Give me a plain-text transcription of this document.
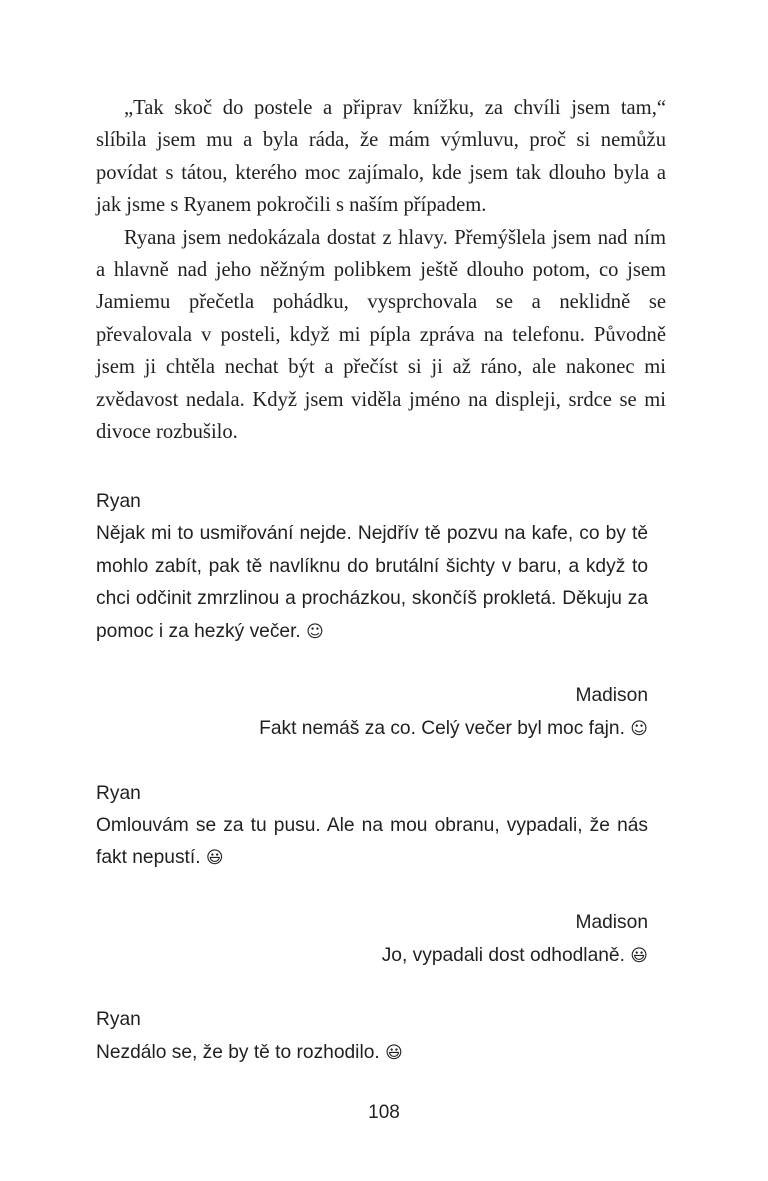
„Tak skoč do postele a připrav knížku, za chvíli jsem tam,“ slíbila jsem mu a byla ráda, že mám výmluvu, proč si nemůžu povídat s tátou, kterého moc zajímalo, kde jsem tak dlouho byla a jak jsme s Ryanem pokročili s naším případem.

Ryana jsem nedokázala dostat z hlavy. Přemýšlela jsem nad ním a hlavně nad jeho něžným polibkem ještě dlouho potom, co jsem Jamiemu přečetla pohádku, vysprchovala se a neklidně se převalovala v posteli, když mi pípla zpráva na telefonu. Původně jsem ji chtěla nechat být a přečíst si ji až ráno, ale nakonec mi zvědavost nedala. Když jsem viděla jméno na displeji, srdce se mi divoce rozbušilo.

Ryan
Nějak mi to usmiřování nejde. Nejdřív tě pozvu na kafe, co by tě mohlo zabít, pak tě navlíknu do brutální šichty v baru, a když to chci odčinit zmrzlinou a procházkou, skončíš prokletá. Děkuju za pomoc i za hezký večer. ☺
Madison
Fakt nemáš za co. Celý večer byl moc fajn. ☺
Ryan
Omlouvám se za tu pusu. Ale na mou obranu, vypadali, že nás fakt nepustí. 😃
Madison
Jo, vypadali dost odhodlaně. 😃
Ryan
Nezdálo se, že by tě to rozhodilo. 😃
108
